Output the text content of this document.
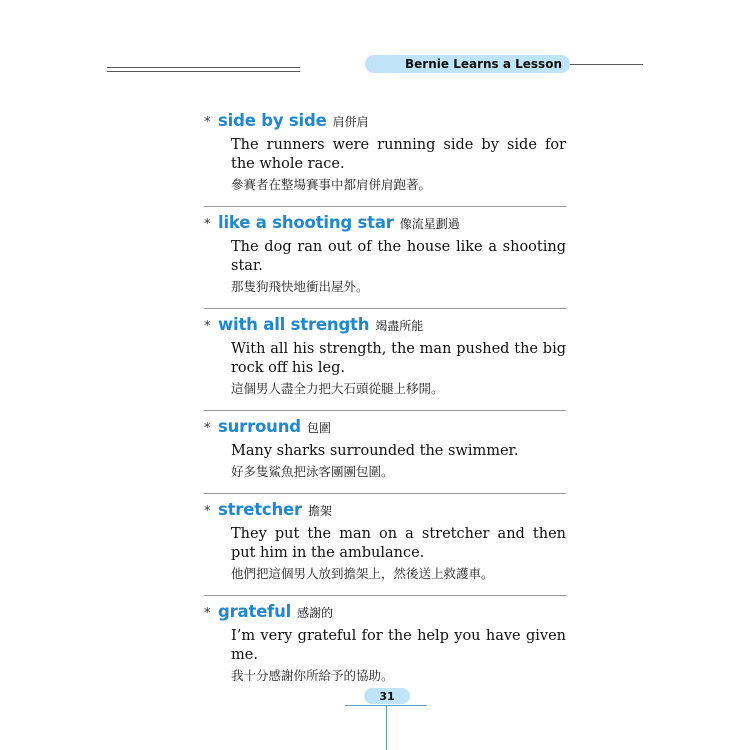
Bernie Learns a Lesson
* side by side 肩併肩
The runners were running side by side for the whole race.
參賽者在整場賽事中都肩併肩跑著。
* like a shooting star 像流星劃過
The dog ran out of the house like a shooting star.
那隻狗飛快地衝出屋外。
* with all strength 竭盡所能
With all his strength, the man pushed the big rock off his leg.
這個男人盡全力把大石頭從腿上移開。
* surround 包圍
Many sharks surrounded the swimmer.
好多隻鯊魚把泳客團團包圍。
* stretcher 擔架
They put the man on a stretcher and then put him in the ambulance.
他們把這個男人放到擔架上，然後送上救護車。
* grateful 感謝的
I’m very grateful for the help you have given me.
我十分感謝你所給予的協助。
31
